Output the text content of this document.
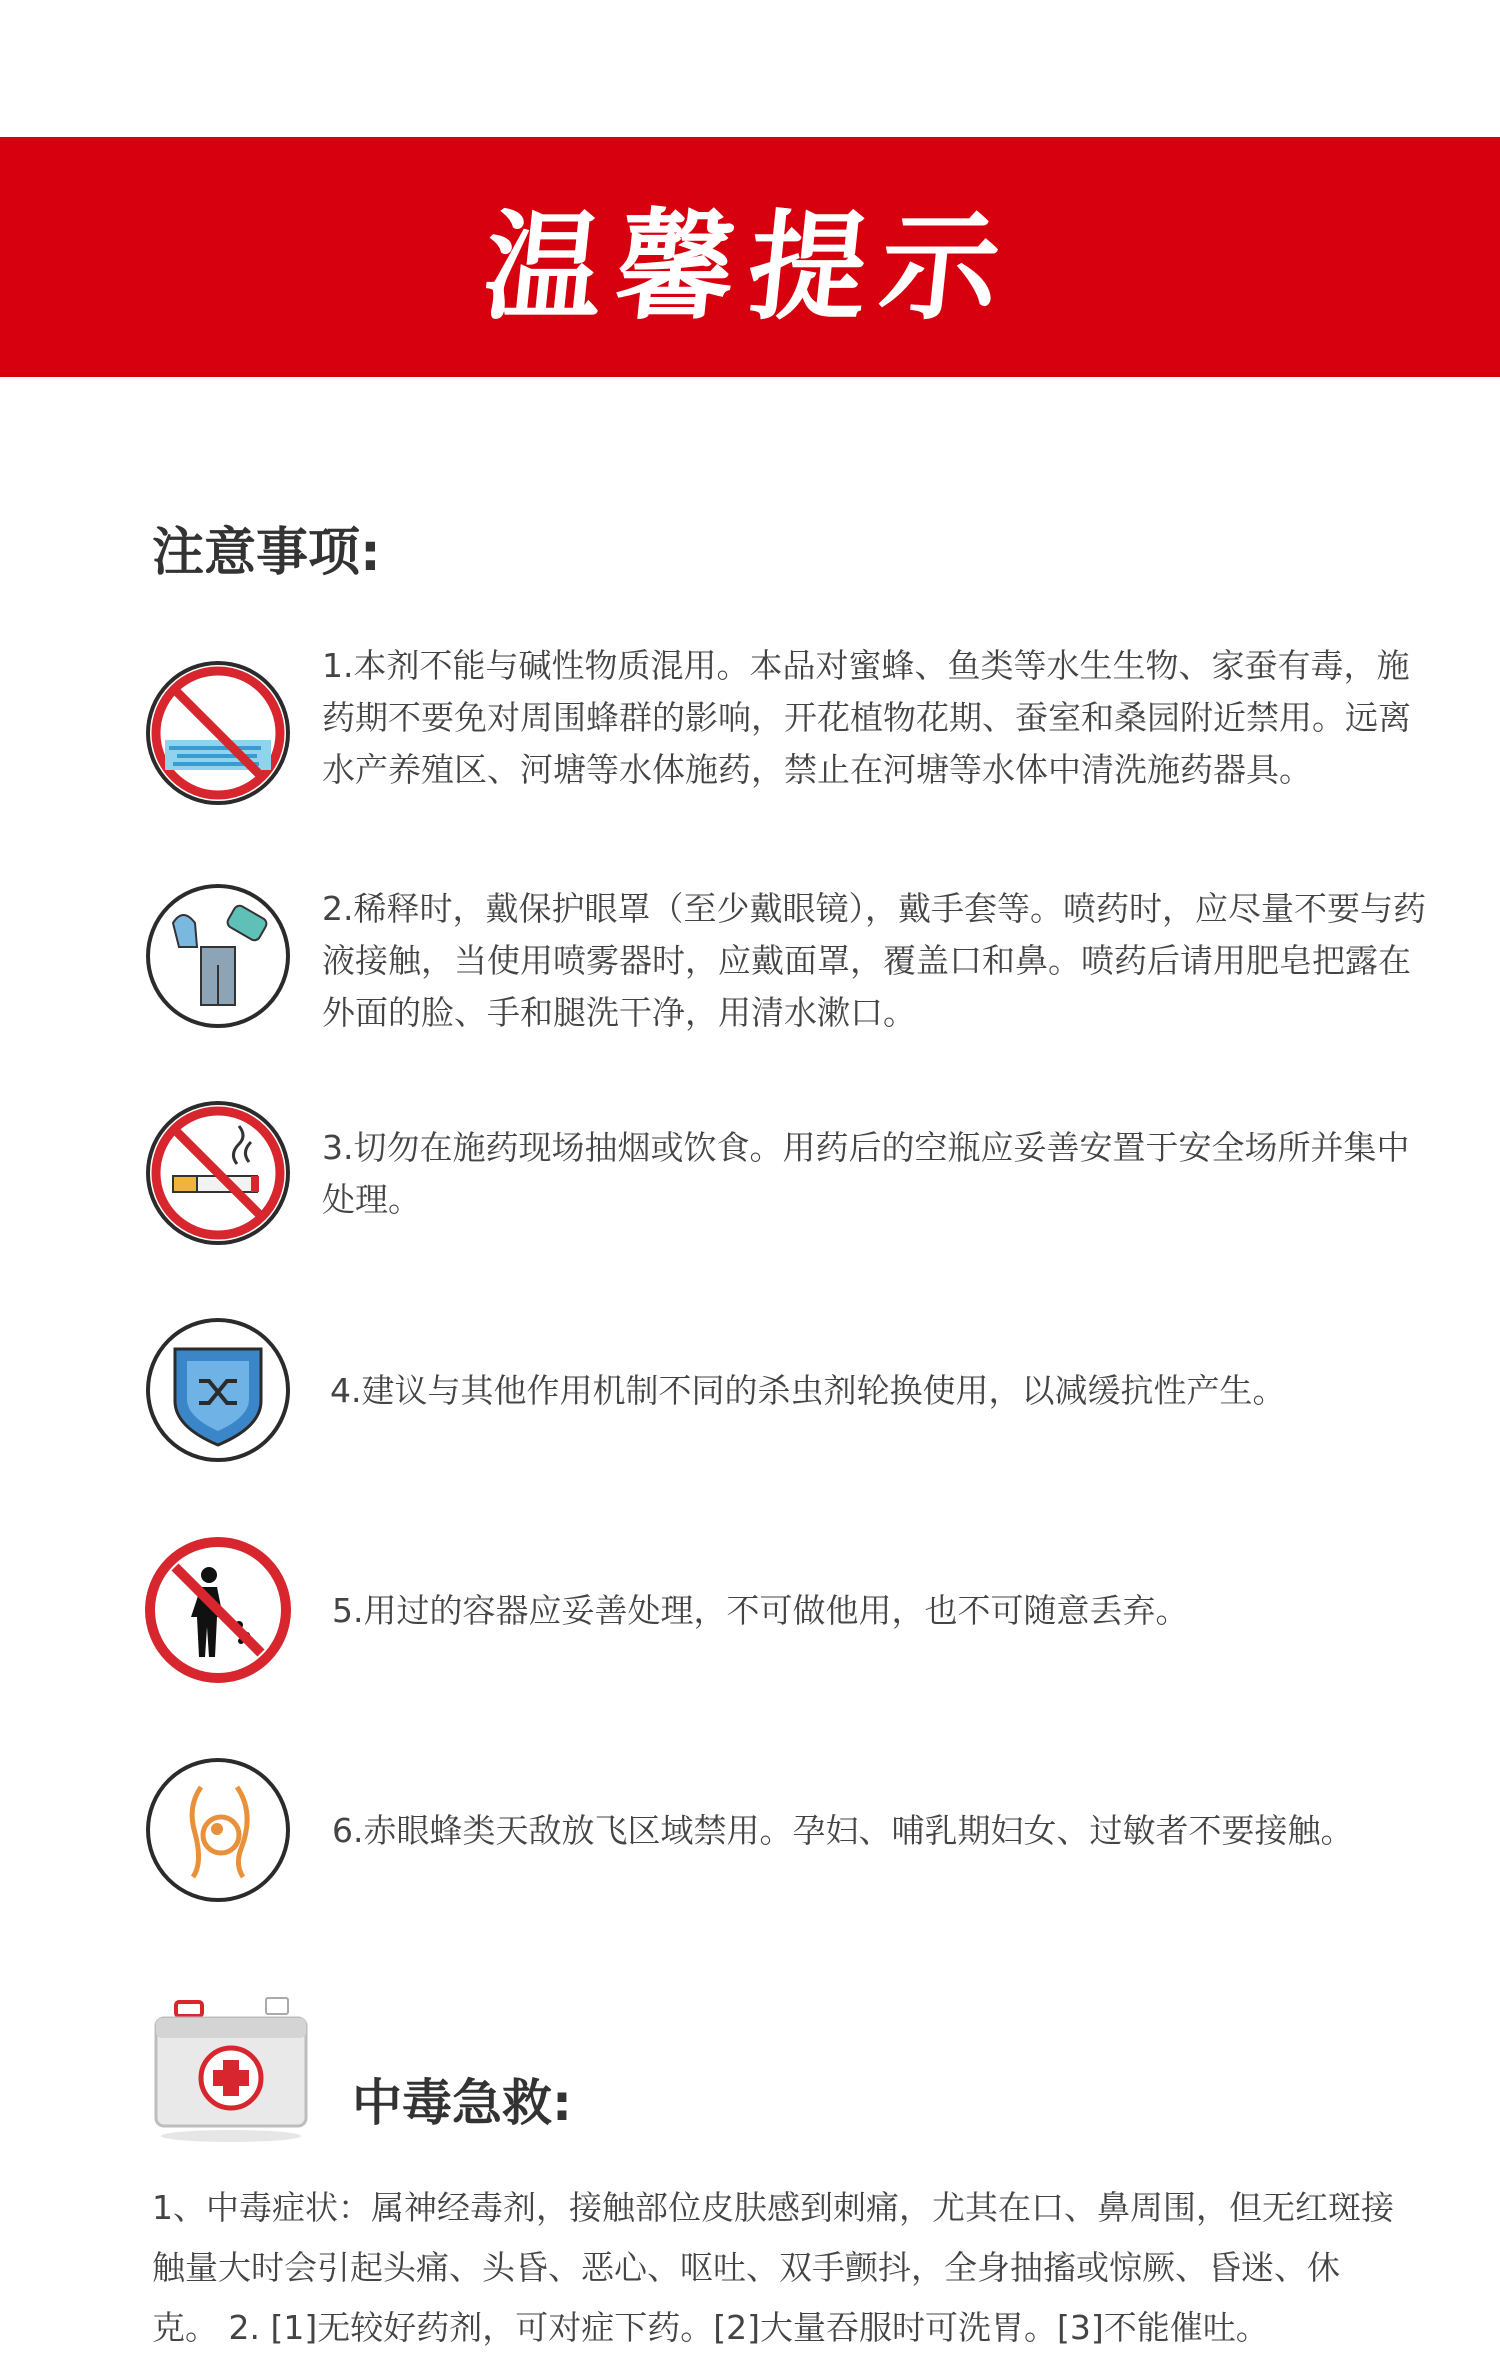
温馨提示
注意事项:
1.本剂不能与碱性物质混用。本品对蜜蜂、鱼类等水生生物、家蚕有毒，施药期不要免对周围蜂群的影响，开花植物花期、蚕室和桑园附近禁用。远离水产养殖区、河塘等水体施药，禁止在河塘等水体中清洗施药器具。
2.稀释时，戴保护眼罩（至少戴眼镜），戴手套等。喷药时，应尽量不要与药液接触，当使用喷雾器时，应戴面罩，覆盖口和鼻。喷药后请用肥皂把露在外面的脸、手和腿洗干净，用清水漱口。
3.切勿在施药现场抽烟或饮食。用药后的空瓶应妥善安置于安全场所并集中处理。
4.建议与其他作用机制不同的杀虫剂轮换使用，以减缓抗性产生。
5.用过的容器应妥善处理，不可做他用，也不可随意丢弃。
6.赤眼蜂类天敌放飞区域禁用。孕妇、哺乳期妇女、过敏者不要接触。
中毒急救:
1、中毒症状：属神经毒剂，接触部位皮肤感到刺痛，尤其在口、鼻周围，但无红斑接触量大时会引起头痛、头昏、恶心、呕吐、双手颤抖，全身抽搐或惊厥、昏迷、休克。 2. [1]无较好药剂，可对症下药。[2]大量吞服时可洗胃。[3]不能催吐。
